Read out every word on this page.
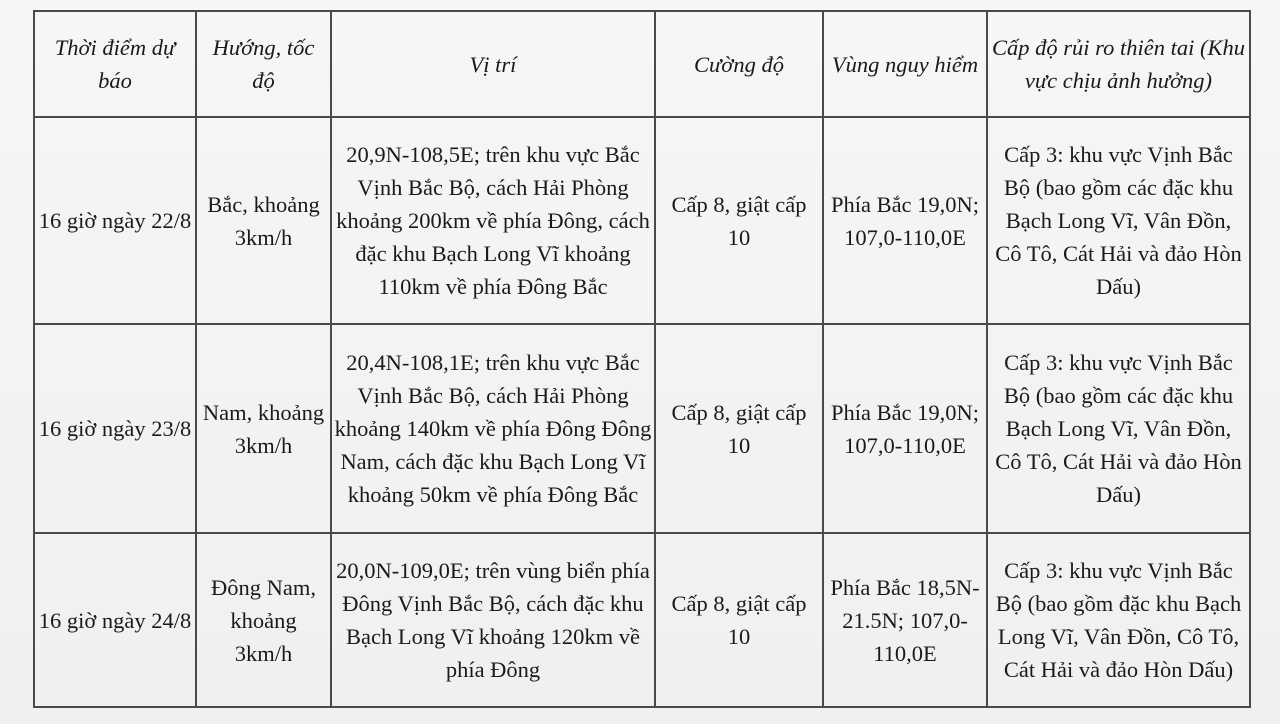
Thời điểm dự báo	Hướng, tốc độ	Vị trí	Cường độ	Vùng nguy hiểm	Cấp độ rủi ro thiên tai (Khu vực chịu ảnh hưởng)
16 giờ ngày 22/8	Bắc, khoảng 3km/h	20,9N-108,5E; trên khu vực Bắc Vịnh Bắc Bộ, cách Hải Phòng khoảng 200km về phía Đông, cách đặc khu Bạch Long Vĩ khoảng 110km về phía Đông Bắc	Cấp 8, giật cấp 10	Phía Bắc 19,0N; 107,0-110,0E	Cấp 3: khu vực Vịnh Bắc Bộ (bao gồm các đặc khu Bạch Long Vĩ, Vân Đồn, Cô Tô, Cát Hải và đảo Hòn Dấu)
16 giờ ngày 23/8	Nam, khoảng 3km/h	20,4N-108,1E; trên khu vực Bắc Vịnh Bắc Bộ, cách Hải Phòng khoảng 140km về phía Đông Đông Nam, cách đặc khu Bạch Long Vĩ khoảng 50km về phía Đông Bắc	Cấp 8, giật cấp 10	Phía Bắc 19,0N; 107,0-110,0E	Cấp 3: khu vực Vịnh Bắc Bộ (bao gồm các đặc khu Bạch Long Vĩ, Vân Đồn, Cô Tô, Cát Hải và đảo Hòn Dấu)
16 giờ ngày 24/8	Đông Nam, khoảng 3km/h	20,0N-109,0E; trên vùng biển phía Đông Vịnh Bắc Bộ, cách đặc khu Bạch Long Vĩ khoảng 120km về phía Đông	Cấp 8, giật cấp 10	Phía Bắc 18,5N-21.5N; 107,0-110,0E	Cấp 3: khu vực Vịnh Bắc Bộ (bao gồm đặc khu Bạch Long Vĩ, Vân Đồn, Cô Tô, Cát Hải và đảo Hòn Dấu)
